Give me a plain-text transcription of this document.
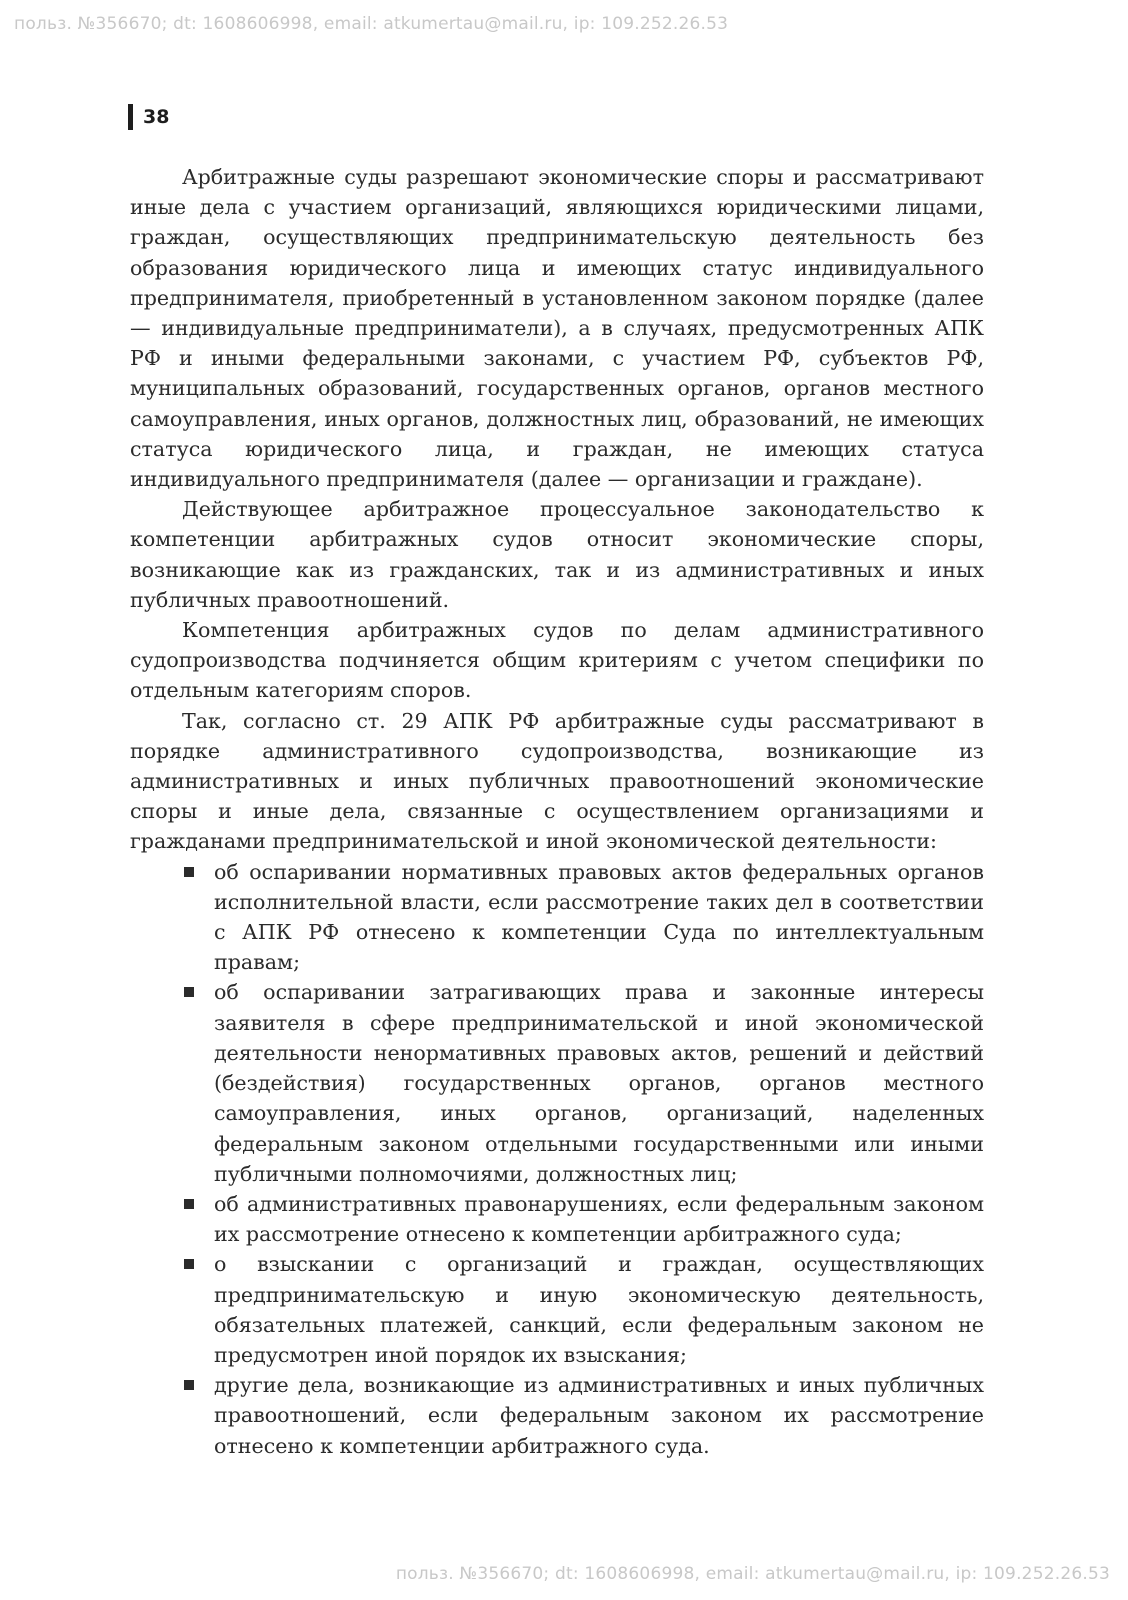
польз. №356670; dt: 1608606998, email: atkumertau@mail.ru, ip: 109.252.26.53
38

Арбитражные суды разрешают экономические споры и рассматривают иные дела с участием организаций, являющихся юридическими лицами, граждан, осуществляющих предпринимательскую деятельность без образования юридического лица и имеющих статус индивидуального предпринимателя, приобретенный в установленном законом порядке (далее — индивидуальные предприниматели), а в случаях, предусмотренных АПК РФ и иными федеральными законами, с участием РФ, субъектов РФ, муниципальных образований, государственных органов, органов местного самоуправления, иных органов, должностных лиц, образований, не имеющих статуса юридического лица, и граждан, не имеющих статуса индивидуального предпринимателя (далее — организации и граждане).

Действующее арбитражное процессуальное законодательство к компетенции арбитражных судов относит экономические споры, возникающие как из гражданских, так и из административных и иных публичных правоотношений.

Компетенция арбитражных судов по делам административного судопроизводства подчиняется общим критериям с учетом специфики по отдельным категориям споров.

Так, согласно ст. 29 АПК РФ арбитражные суды рассматривают в порядке административного судопроизводства, возникающие из административных и иных публичных правоотношений экономические споры и иные дела, связанные с осуществлением организациями и гражданами предпринимательской и иной экономической деятельности:

об оспаривании нормативных правовых актов федеральных органов исполнительной власти, если рассмотрение таких дел в соответствии с АПК РФ отнесено к компетенции Суда по интеллектуальным правам;
об оспаривании затрагивающих права и законные интересы заявителя в сфере предпринимательской и иной экономической деятельности ненормативных правовых актов, решений и действий (бездействия) государственных органов, органов местного самоуправления, иных органов, организаций, наделенных федеральным законом отдельными государственными или иными публичными полномочиями, должностных лиц;
об административных правонарушениях, если федеральным законом их рассмотрение отнесено к компетенции арбитражного суда;
о взыскании с организаций и граждан, осуществляющих предпринимательскую и иную экономическую деятельность, обязательных платежей, санкций, если федеральным законом не предусмотрен иной порядок их взыскания;
другие дела, возникающие из административных и иных публичных правоотношений, если федеральным законом их рассмотрение отнесено к компетенции арбитражного суда.
польз. №356670; dt: 1608606998, email: atkumertau@mail.ru, ip: 109.252.26.53
